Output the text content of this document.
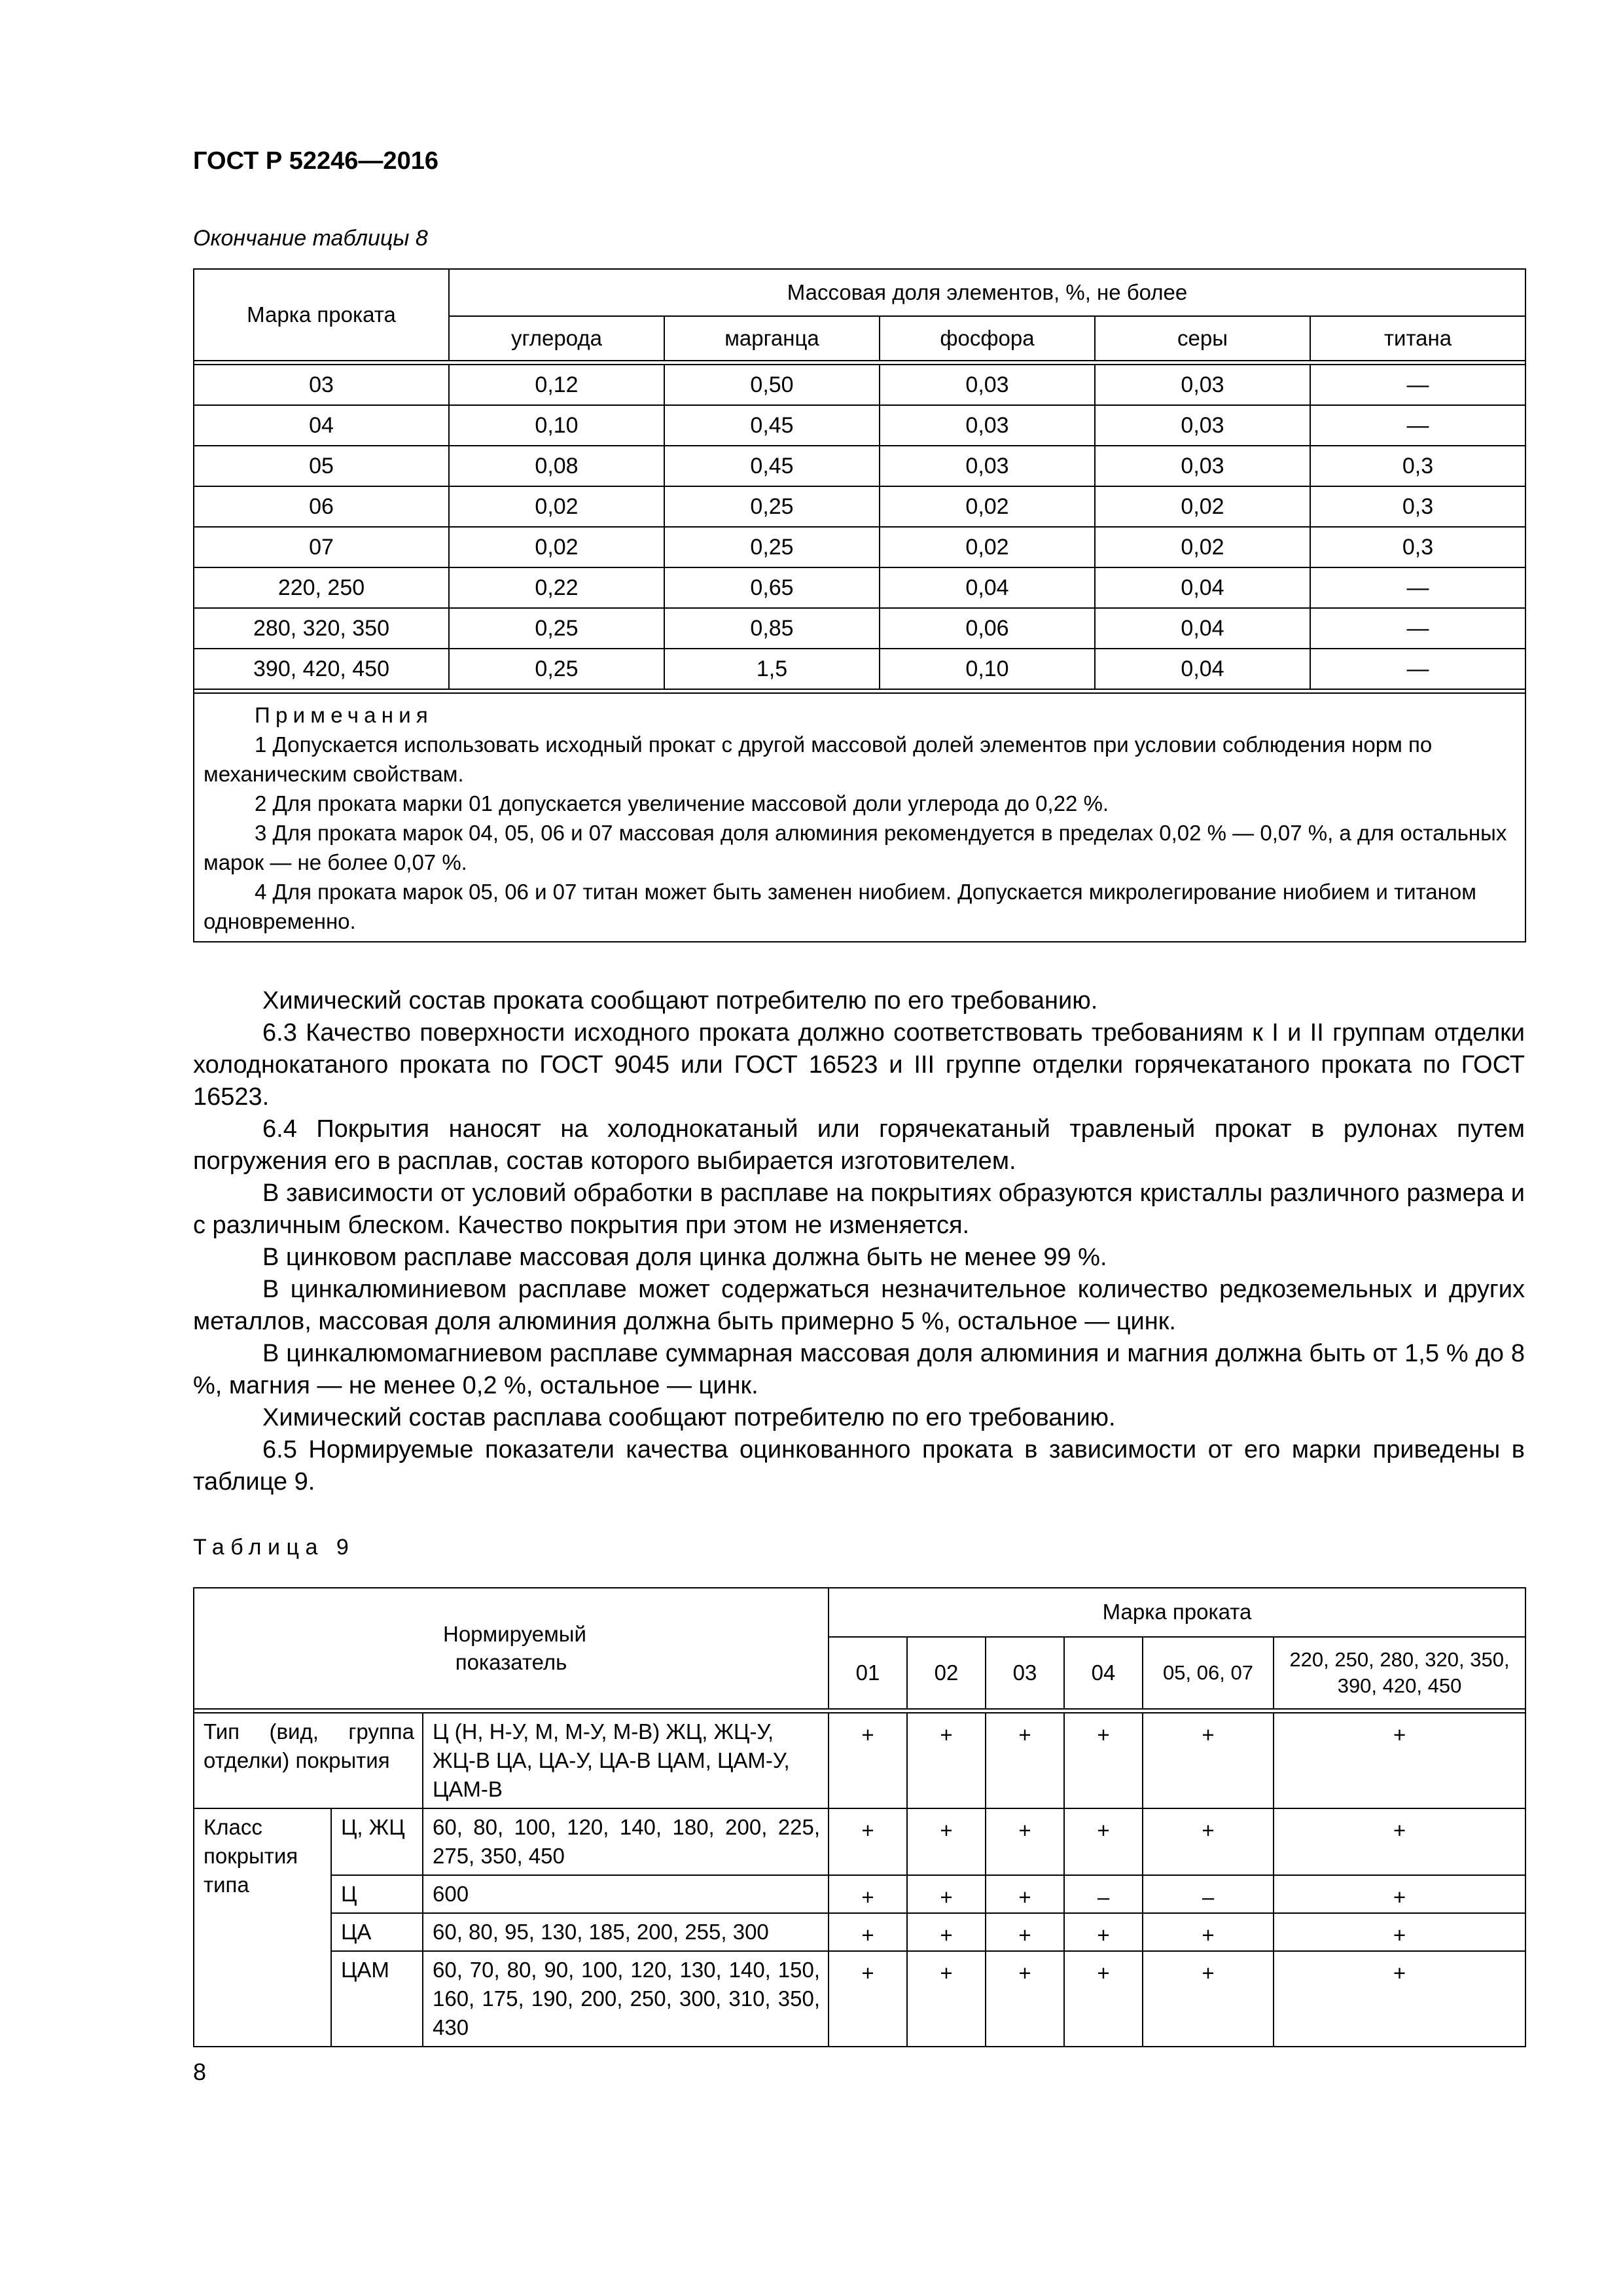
ГОСТ Р 52246—2016
Окончание таблицы 8
Марка проката	Массовая доля элементов, %, не более				
	углерода	марганца	фосфора	серы	титана

03	0,12	0,50	0,03	0,03	—
04	0,10	0,45	0,03	0,03	—
05	0,08	0,45	0,03	0,03	0,3
06	0,02	0,25	0,02	0,02	0,3
07	0,02	0,25	0,02	0,02	0,3
220, 250	0,22	0,65	0,04	0,04	—
280, 320, 350	0,25	0,85	0,06	0,04	—
390, 420, 450	0,25	1,5	0,10	0,04	—

Примечания

1 Допускается использовать исходный прокат с другой массовой долей элементов при условии соблюдения норм по механическим свойствам.

2 Для проката марки 01 допускается увеличение массовой доли углерода до 0,22 %.

3 Для проката марок 04, 05, 06 и 07 массовая доля алюминия рекомендуется в пределах 0,02 % — 0,07 %, а для остальных марок — не более 0,07 %.

4 Для проката марок 05, 06 и 07 титан может быть заменен ниобием. Допускается микролегирование ниобием и титаном одновременно.					

Химический состав проката сообщают потребителю по его требованию.

6.3 Качество поверхности исходного проката должно соответствовать требованиям к I и II группам отделки холоднокатаного проката по ГОСТ 9045 или ГОСТ 16523 и III группе отделки горячекатаного проката по ГОСТ 16523.

6.4 Покрытия наносят на холоднокатаный или горячекатаный травленый прокат в рулонах путем погружения его в расплав, состав которого выбирается изготовителем.

В зависимости от условий обработки в расплаве на покрытиях образуются кристаллы различного размера и с различным блеском. Качество покрытия при этом не изменяется.

В цинковом расплаве массовая доля цинка должна быть не менее 99 %.

В цинкалюминиевом расплаве может содержаться незначительное количество редкоземельных и других металлов, массовая доля алюминия должна быть примерно 5 %, остальное — цинк.

В цинкалюмомагниевом расплаве суммарная массовая доля алюминия и магния должна быть от 1,5 % до 8 %, магния — не менее 0,2 %, остальное — цинк.

Химический состав расплава сообщают потребителю по его требованию.

6.5 Нормируемые показатели качества оцинкованного проката в зависимости от его марки приведены в таблице 9.

Таблица 9
Нормируемый показатель			Марка проката					
			01	02	03	04	05, 06, 07	220, 250, 280, 320, 350, 390, 420, 450

Тип (вид, группа отделки) покрытия		Ц (Н, Н-У, М, М-У, М-В) ЖЦ, ЖЦ-У, ЖЦ-В ЦА, ЦА-У, ЦА-В ЦАМ, ЦАМ-У, ЦАМ-В	+	+	+	+	+	+
Класс покрытия типа	Ц, ЖЦ	60, 80, 100, 120, 140, 180, 200, 225, 275, 350, 450	+	+	+	+	+	+
	Ц	600	+	+	+	–	–	+
	ЦА	60, 80, 95, 130, 185, 200, 255, 300	+	+	+	+	+	+
	ЦАМ	60, 70, 80, 90, 100, 120, 130, 140, 150, 160, 175, 190, 200, 250, 300, 310, 350, 430	+	+	+	+	+	+
8
